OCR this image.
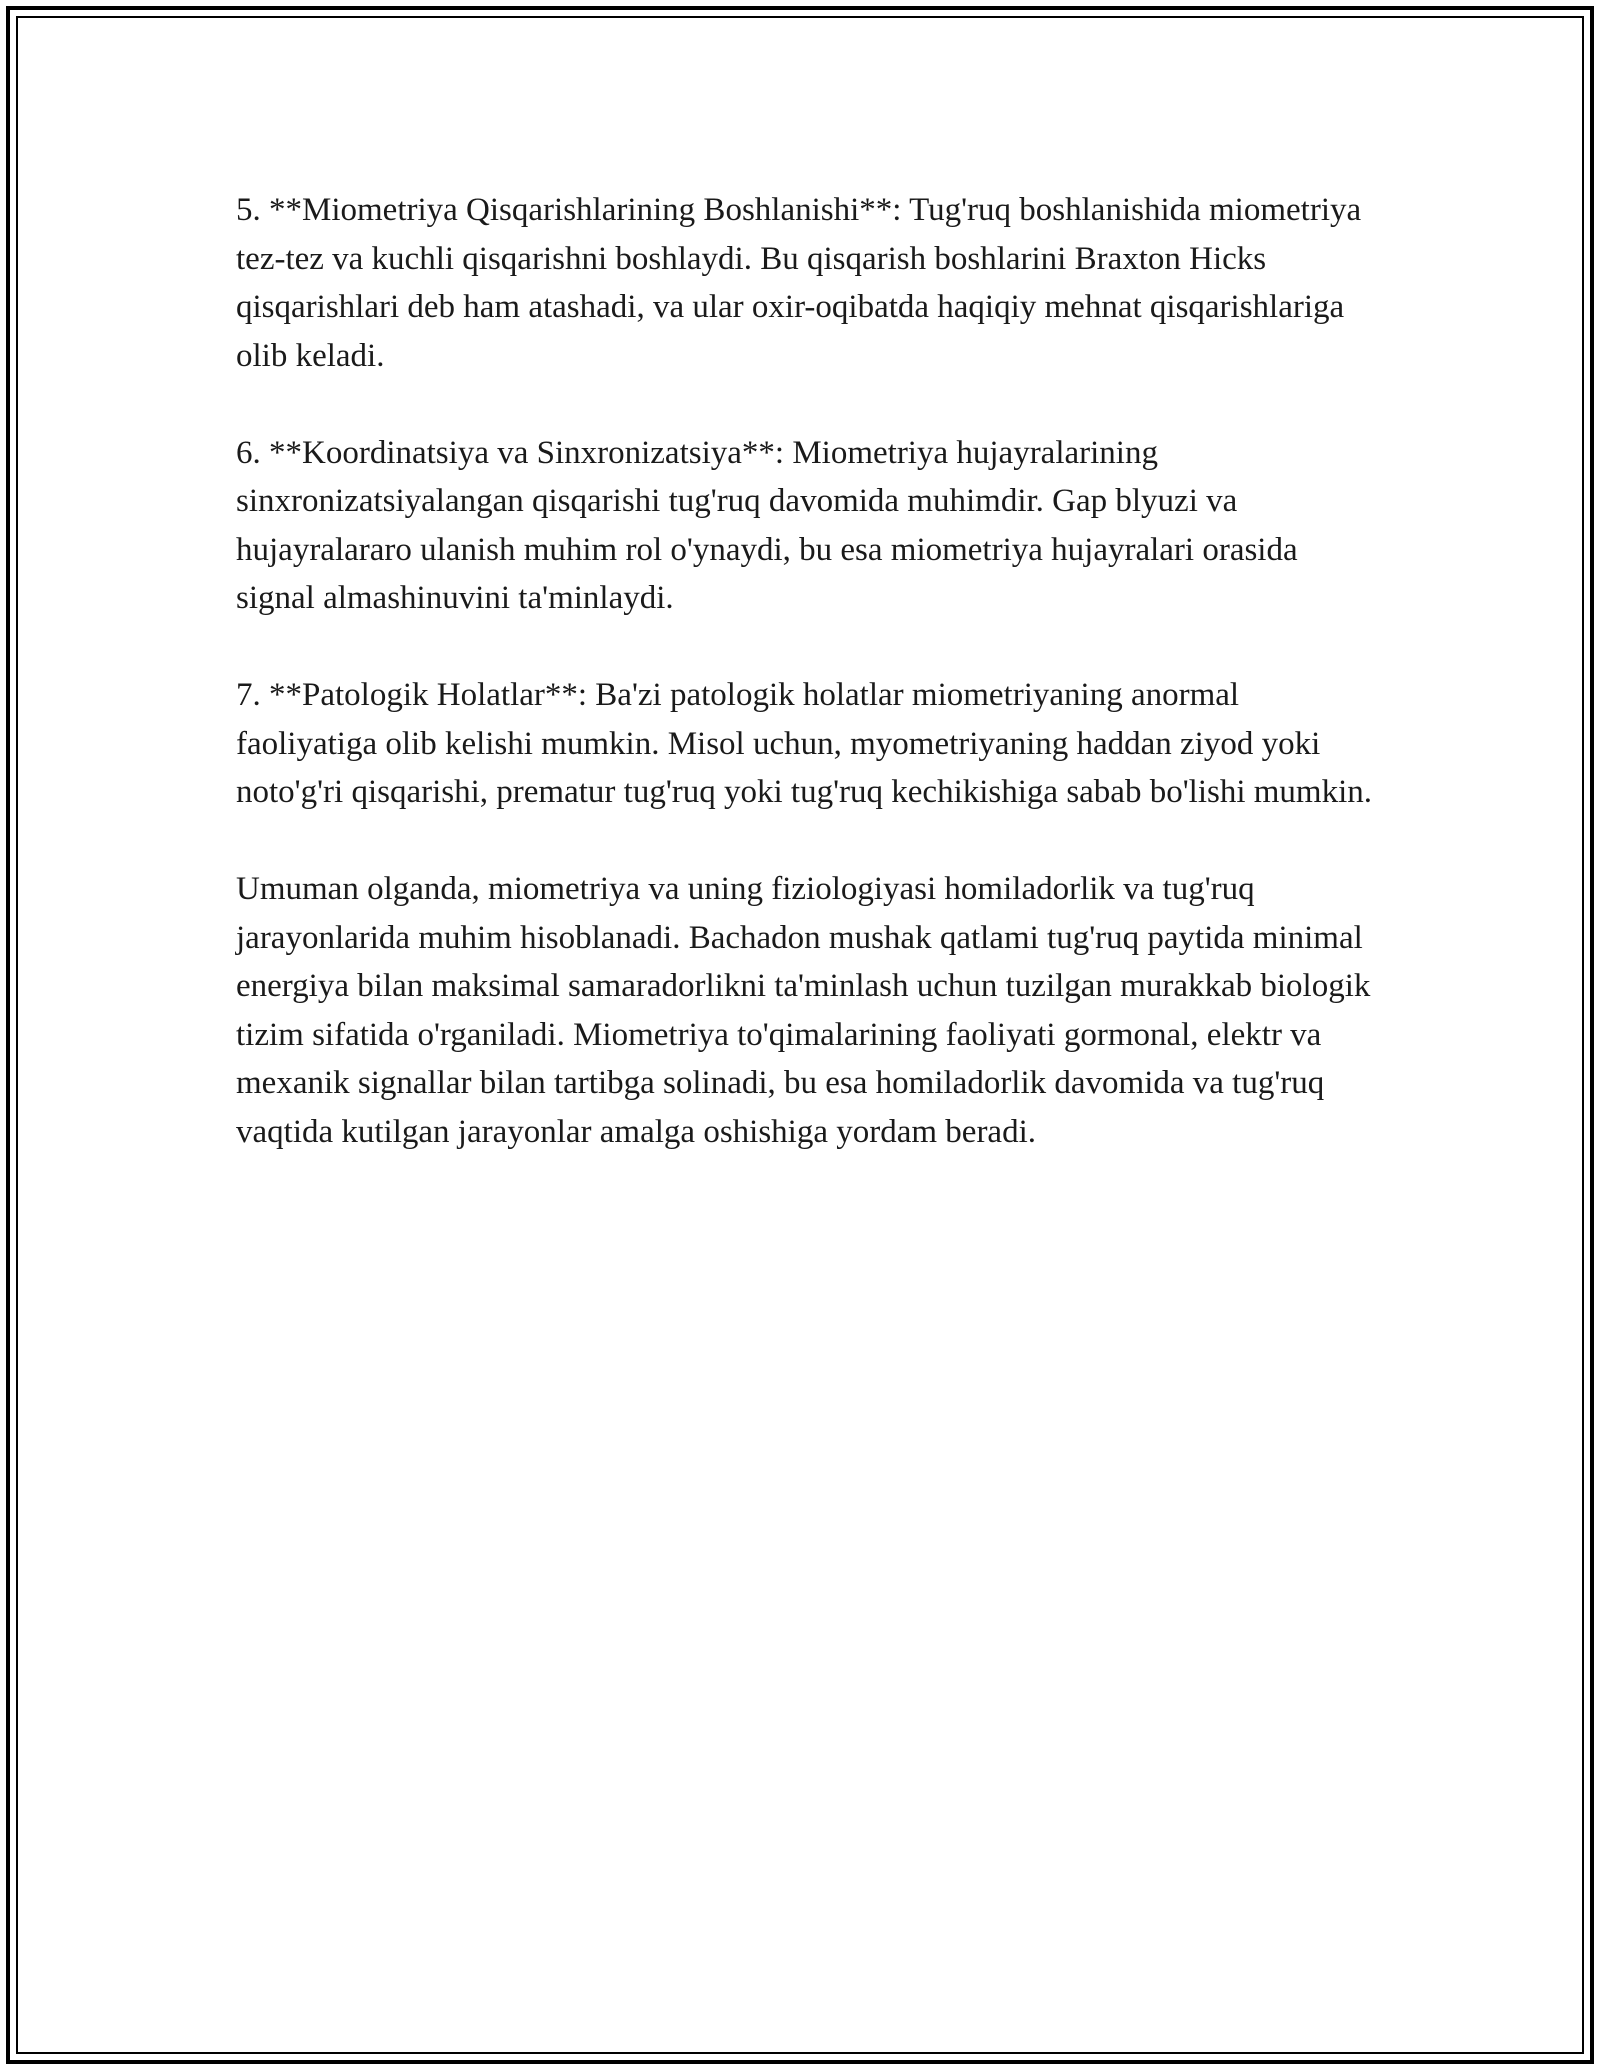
5. **Miometriya Qisqarishlarining Boshlanishi**: Tug'ruq boshlanishida miometriya tez-tez va kuchli qisqarishni boshlaydi. Bu qisqarish boshlarini Braxton Hicks qisqarishlari deb ham atashadi, va ular oxir-oqibatda haqiqiy mehnat qisqarishlariga olib keladi.

6. **Koordinatsiya va Sinxronizatsiya**: Miometriya hujayralarining sinxronizatsiyalangan qisqarishi tug'ruq davomida muhimdir. Gap blyuzi va hujayralararo ulanish muhim rol o'ynaydi, bu esa miometriya hujayralari orasida signal almashinuvini ta'minlaydi.

7. **Patologik Holatlar**: Ba'zi patologik holatlar miometriyaning anormal faoliyatiga olib kelishi mumkin. Misol uchun, myometriyaning haddan ziyod yoki noto'g'ri qisqarishi, prematur tug'ruq yoki tug'ruq kechikishiga sabab bo'lishi mumkin.

Umuman olganda, miometriya va uning fiziologiyasi homiladorlik va tug'ruq jarayonlarida muhim hisoblanadi. Bachadon mushak qatlami tug'ruq paytida minimal energiya bilan maksimal samaradorlikni ta'minlash uchun tuzilgan murakkab biologik tizim sifatida o'rganiladi. Miometriya to'qimalarining faoliyati gormonal, elektr va mexanik signallar bilan tartibga solinadi, bu esa homiladorlik davomida va tug'ruq vaqtida kutilgan jarayonlar amalga oshishiga yordam beradi.
